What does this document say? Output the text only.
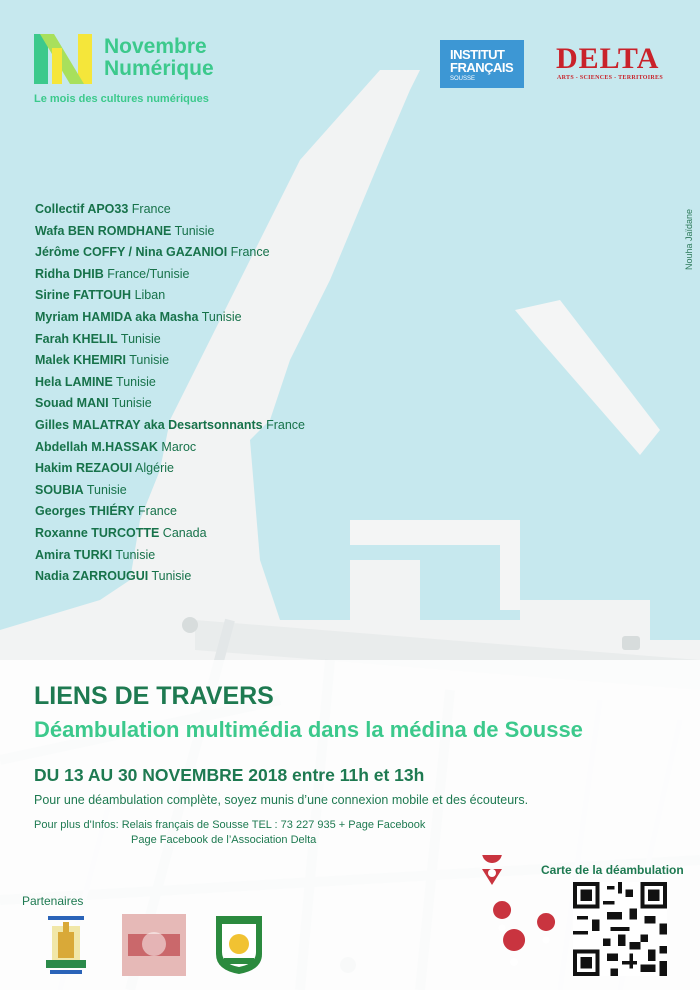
Novembre
Numérique
Le mois des cultures numériques
INSTITUT
FRANÇAIS
SOUSSE
DELTA
ARTS - SCIENCES - TERRITOIRES
Nouha Jaïdane
Collectif APO33 France
Wafa BEN ROMDHANE Tunisie
Jérôme COFFY / Nina GAZANIOI France
Ridha DHIB France/Tunisie
Sirine FATTOUH Liban
Myriam HAMIDA aka Masha Tunisie
Farah KHELIL Tunisie
Malek KHEMIRI Tunisie
Hela LAMINE Tunisie
Souad MANI Tunisie
Gilles MALATRAY aka Desartsonnants France
Abdellah M.HASSAK Maroc
Hakim REZAOUI Algérie
SOUBIA Tunisie
Georges THIÉRY France
Roxanne TURCOTTE Canada
Amira TURKI Tunisie
Nadia ZARROUGUI Tunisie
LIENS DE TRAVERS
Déambulation multimédia dans la médina de Sousse
DU 13 AU 30 NOVEMBRE 2018 entre 11h et 13h
Pour une déambulation complète, soyez munis d’une connexion mobile et des écouteurs.
Pour plus d'Infos: Relais français de Sousse TEL : 73 227 935 + Page Facebook
Page Facebook de l’Association Delta
Partenaires
Carte de la déambulation
